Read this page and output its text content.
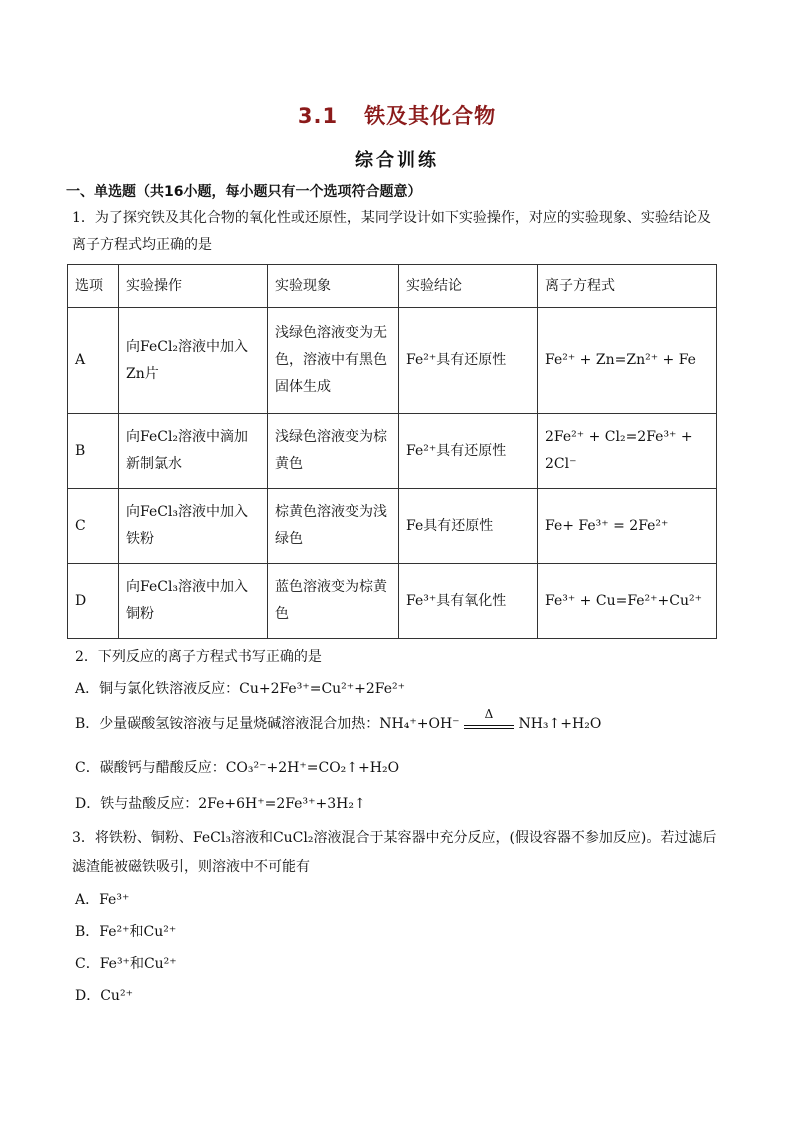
3.1 铁及其化合物
综合训练
一、单选题（共16小题，每小题只有一个选项符合题意）
1．为了探究铁及其化合物的氧化性或还原性，某同学设计如下实验操作，对应的实验现象、实验结论及离子方程式均正确的是
选项	实验操作	实验现象	实验结论	离子方程式
A	向FeCl₂溶液中加入Zn片	浅绿色溶液变为无色，溶液中有黑色固体生成	Fe²⁺具有还原性	Fe²⁺ + Zn=Zn²⁺ + Fe
B	向FeCl₂溶液中滴加新制氯水	浅绿色溶液变为棕黄色	Fe²⁺具有还原性	2Fe²⁺ + Cl₂=2Fe³⁺ + 2Cl⁻
C	向FeCl₃溶液中加入铁粉	棕黄色溶液变为浅绿色	Fe具有还原性	Fe+ Fe³⁺ = 2Fe²⁺
D	向FeCl₃溶液中加入铜粉	蓝色溶液变为棕黄色	Fe³⁺具有氧化性	Fe³⁺ + Cu=Fe²⁺+Cu²⁺
2．下列反应的离子方程式书写正确的是
A．铜与氯化铁溶液反应：Cu+2Fe³⁺=Cu²⁺+2Fe²⁺
B．少量碳酸氢铵溶液与足量烧碱溶液混合加热：NH₄⁺+OH⁻
Δ
NH₃↑+H₂O
C．碳酸钙与醋酸反应：CO₃²⁻+2H⁺=CO₂↑+H₂O
D．铁与盐酸反应：2Fe+6H⁺=2Fe³⁺+3H₂↑
3．将铁粉、铜粉、FeCl₃溶液和CuCl₂溶液混合于某容器中充分反应，(假设容器不参加反应)。若过滤后滤渣能被磁铁吸引，则溶液中不可能有
A．Fe³⁺
B．Fe²⁺和Cu²⁺
C．Fe³⁺和Cu²⁺
D．Cu²⁺
